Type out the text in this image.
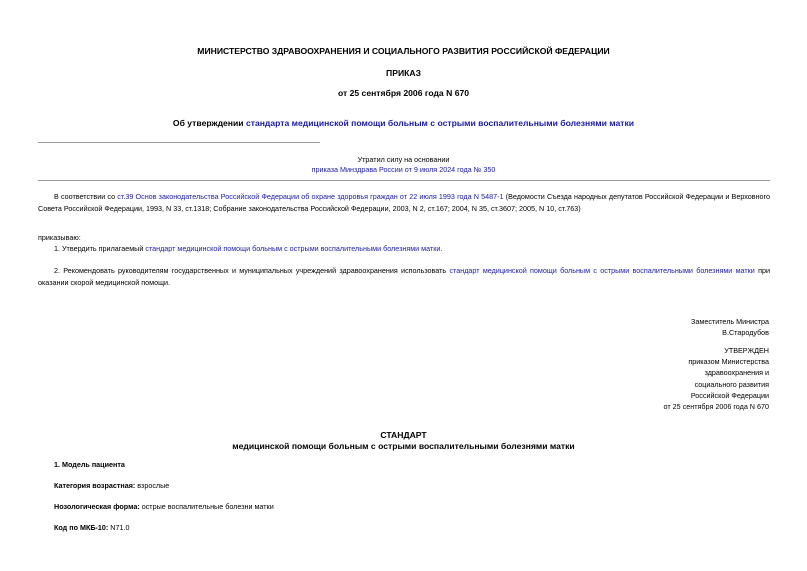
МИНИСТЕРСТВО ЗДРАВООХРАНЕНИЯ И СОЦИАЛЬНОГО РАЗВИТИЯ РОССИЙСКОЙ ФЕДЕРАЦИИ
ПРИКАЗ
от 25 сентября 2006 года N 670
Об утверждении стандарта медицинской помощи больным с острыми воспалительными болезнями матки
Утратил силу на основании
приказа Минздрава России от 9 июля 2024 года № 350
В соответствии со ст.39 Основ законодательства Российской Федерации об охране здоровья граждан от 22 июля 1993 года N 5487-1 (Ведомости Съезда народных депутатов Российской Федерации и Верховного Совета Российской Федерации, 1993, N 33, ст.1318; Собрание законодательства Российской Федерации, 2003, N 2, ст.167; 2004, N 35, ст.3607; 2005, N 10, ст.763)
приказываю:
1. Утвердить прилагаемый стандарт медицинской помощи больным с острыми воспалительными болезнями матки.
2. Рекомендовать руководителям государственных и муниципальных учреждений здравоохранения использовать стандарт медицинской помощи больным с острыми воспалительными болезнями матки при оказании скорой медицинской помощи.
Заместитель Министра
В.Стародубов
УТВЕРЖДЕН
приказом Министерства
здравоохранения и
социального развития
Российской Федерации
от 25 сентября 2006 года N 670
СТАНДАРТ
медицинской помощи больным с острыми воспалительными болезнями матки
1. Модель пациента
Категория возрастная: взрослые
Нозологическая форма: острые воспалительные болезни матки
Код по МКБ-10: N71.0
